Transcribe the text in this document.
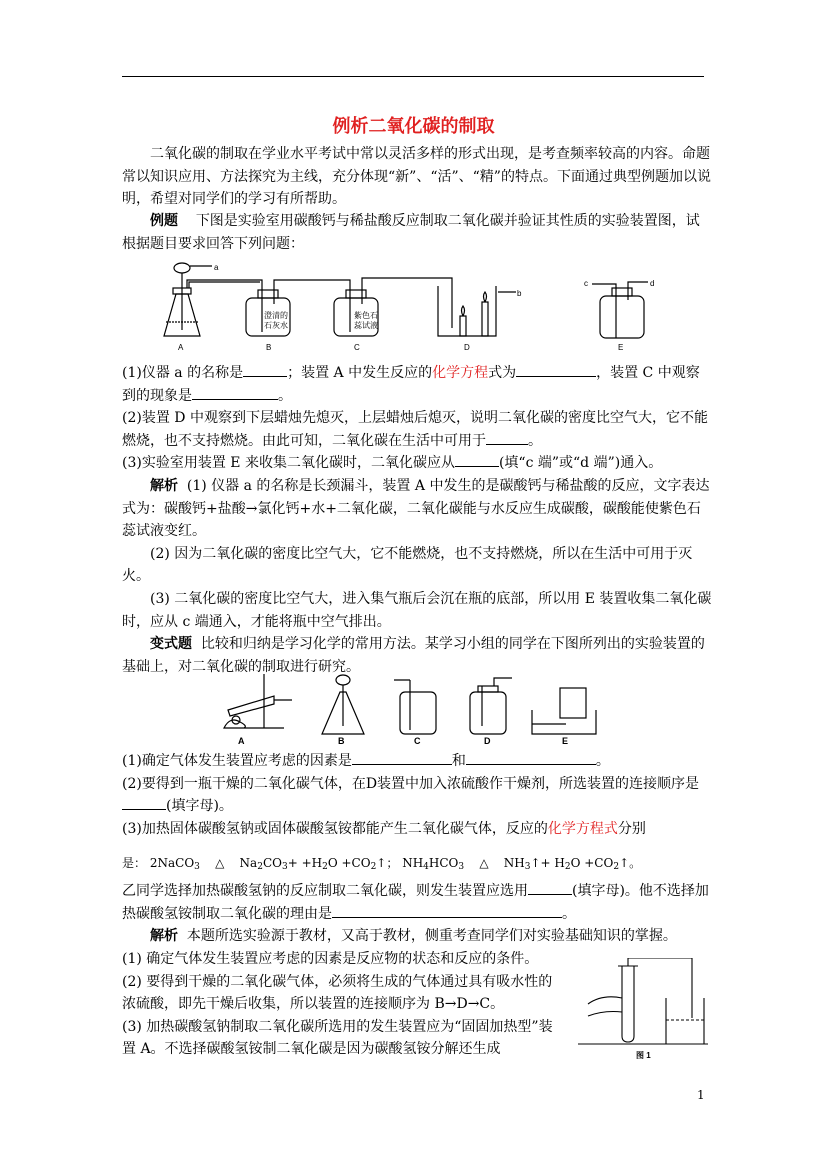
例析二氧化碳的制取

二氧化碳的制取在学业水平考试中常以灵活多样的形式出现，是考查频率较高的内容。命题常以知识应用、方法探究为主线，充分体现“新”、“活”、“精”的特点。下面通过典型例题加以说明，希望对同学们的学习有所帮助。

例题 下图是实验室用碳酸钙与稀盐酸反应制取二氧化碳并验证其性质的实验装置图，试根据题目要求回答下列问题：

a
b
c	d
澄清的
石灰水
紫色石
蕊试液
A	B	C	D	E

(1)仪器 a 的名称是	；装置 A 中发生反应的化学方程式为	，装置 C 中观察到的现象是	。

(2)装置 D 中观察到下层蜡烛先熄灭，上层蜡烛后熄灭，说明二氧化碳的密度比空气大，它不能燃烧，也不支持燃烧。由此可知，二氧化碳在生活中可用于	。

(3)实验室用装置 E 来收集二氧化碳时，二氧化碳应从	(填“c 端”或“d 端”)通入。

解析 (1) 仪器 a 的名称是长颈漏斗，装置 A 中发生的是碳酸钙与稀盐酸的反应，文字表达式为：碳酸钙+盐酸→氯化钙+水+二氧化碳，二氧化碳能与水反应生成碳酸，碳酸能使紫色石蕊试液变红。

(2) 因为二氧化碳的密度比空气大，它不能燃烧，也不支持燃烧，所以在生活中可用于灭火。

(3) 二氧化碳的密度比空气大，进入集气瓶后会沉在瓶的底部，所以用 E 装置收集二氧化碳时，应从 c 端通入，才能将瓶中空气排出。

变式题 比较和归纳是学习化学的常用方法。某学习小组的同学在下图所列出的实验装置的基础上，对二氧化碳的制取进行研究。

A	B	C	D	E

(1)确定气体发生装置应考虑的因素是	和	。

(2)要得到一瓶干燥的二氧化碳气体，在D装置中加入浓硫酸作干燥剂，所选装置的连接顺序是(填字母)。

(3)加热固体碳酸氢钠或固体碳酸氢铵都能产生二氧化碳气体，反应的化学方程式分别

是： 2NaCO$_3$ △ $Na_2CO_3+ +H_2O$ $+CO_2↑$； $NH_4HCO_3$ △ $NH_3↑+ H_2O$ $+CO_2↑$。

乙同学选择加热碳酸氢钠的反应制取二氧化碳，则发生装置应选用	(填字母)。他不选择加热碳酸氢铵制取二氧化碳的理由是	。

解析 本题所选实验源于教材，又高于教材，侧重考查同学们对实验基础知识的掌握。

(1) 确定气体发生装置应考虑的因素是反应物的状态和反应的条件。

(2) 要得到干燥的二氧化碳气体，必须将生成的气体通过具有吸水性的浓硫酸，即先干燥后收集，所以装置的连接顺序为 B→D→C。

(3) 加热碳酸氢钠制取二氧化碳所选用的发生装置应为“固固加热型”装置 A。不选择碳酸氢铵制二氧化碳是因为碳酸氢铵分解还生成	图 1
1
